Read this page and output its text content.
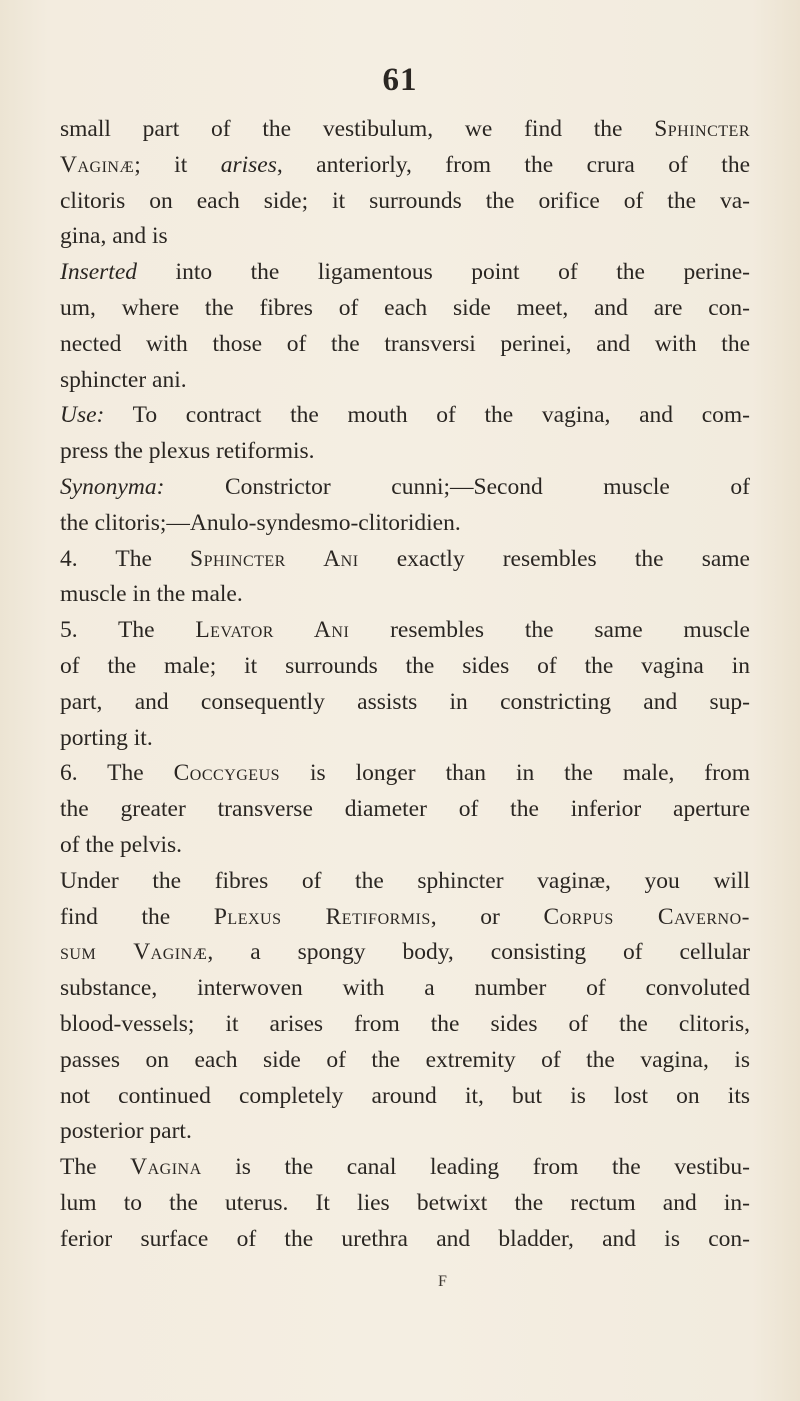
61
small part of the vestibulum, we find the Sphincter
Vaginæ; it arises, anteriorly, from the crura of the
clitoris on each side; it surrounds the orifice of the va-
gina, and is
Inserted into the ligamentous point of the perine-
um, where the fibres of each side meet, and are con-
nected with those of the transversi perinei, and with the
sphincter ani.
Use: To contract the mouth of the vagina, and com-
press the plexus retiformis.
Synonyma: Constrictor cunni;—Second muscle of
the clitoris;—Anulo-syndesmo-clitoridien.
4. The Sphincter Ani exactly resembles the same
muscle in the male.
5. The Levator Ani resembles the same muscle
of the male; it surrounds the sides of the vagina in
part, and consequently assists in constricting and sup-
porting it.
6. The Coccygeus is longer than in the male, from
the greater transverse diameter of the inferior aperture
of the pelvis.
Under the fibres of the sphincter vaginæ, you will
find the Plexus Retiformis, or Corpus Caverno-
sum Vaginæ, a spongy body, consisting of cellular
substance, interwoven with a number of convoluted
blood-vessels; it arises from the sides of the clitoris,
passes on each side of the extremity of the vagina, is
not continued completely around it, but is lost on its
posterior part.
The Vagina is the canal leading from the vestibu-
lum to the uterus. It lies betwixt the rectum and in-
ferior surface of the urethra and bladder, and is con-
F
